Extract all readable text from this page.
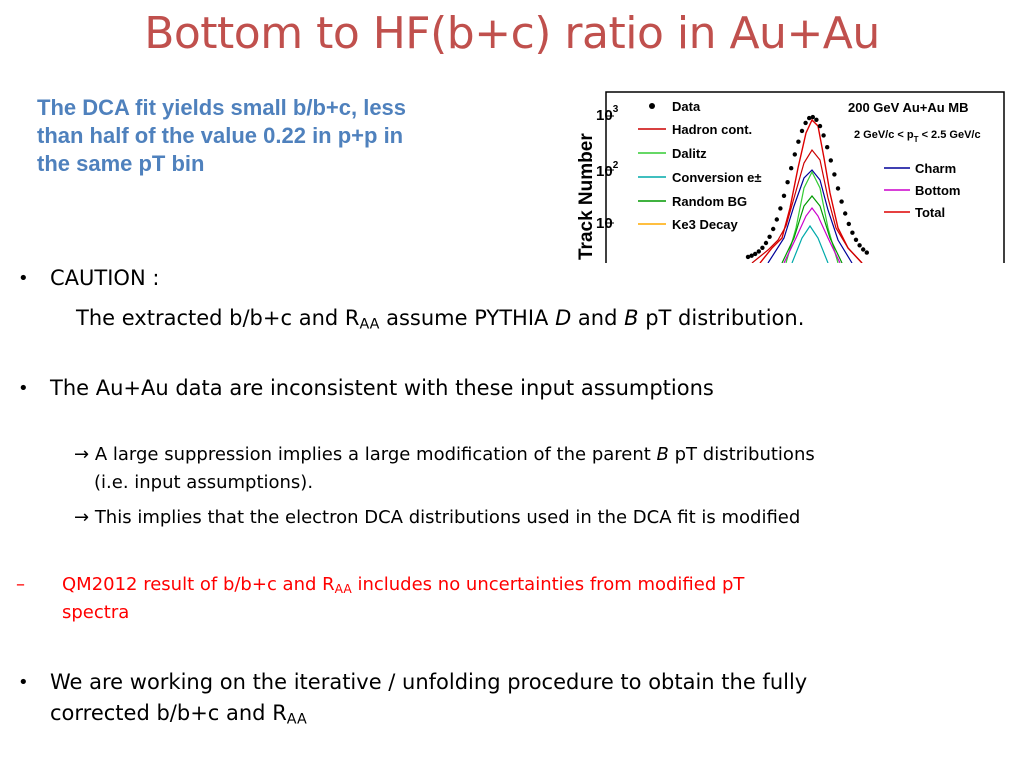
Bottom to HF(b+c) ratio in Au+Au
The DCA fit yields small b/b+c, less
than half of the value 0.22 in p+p in
the same pT bin	Track Number
$10^3$
$10^2$
10
Data
Hadron cont.
Dalitz
Conversion e±
Random BG
Ke3 Decay
200 GeV Au+Au MB
2 $GeV/c < p_T < 2.5$ GeV/c
Charm
Bottom
Total
• CAUTION :
The extracted b/b+c and $R_{AA}$ assume PYTHIA D and B pT distribution.
• The Au+Au data are inconsistent with these input assumptions
→ A large suppression implies a large modification of the parent B pT distributions
(i.e. input assumptions).
→ This implies that the electron DCA distributions used in the DCA fit is modified
– QM2012 result of b/b+c and $R_{AA}$ includes no uncertainties from modified pT
spectra
• We are working on the iterative / unfolding procedure to obtain the fully
corrected b/b+c and $R_{AA}$
